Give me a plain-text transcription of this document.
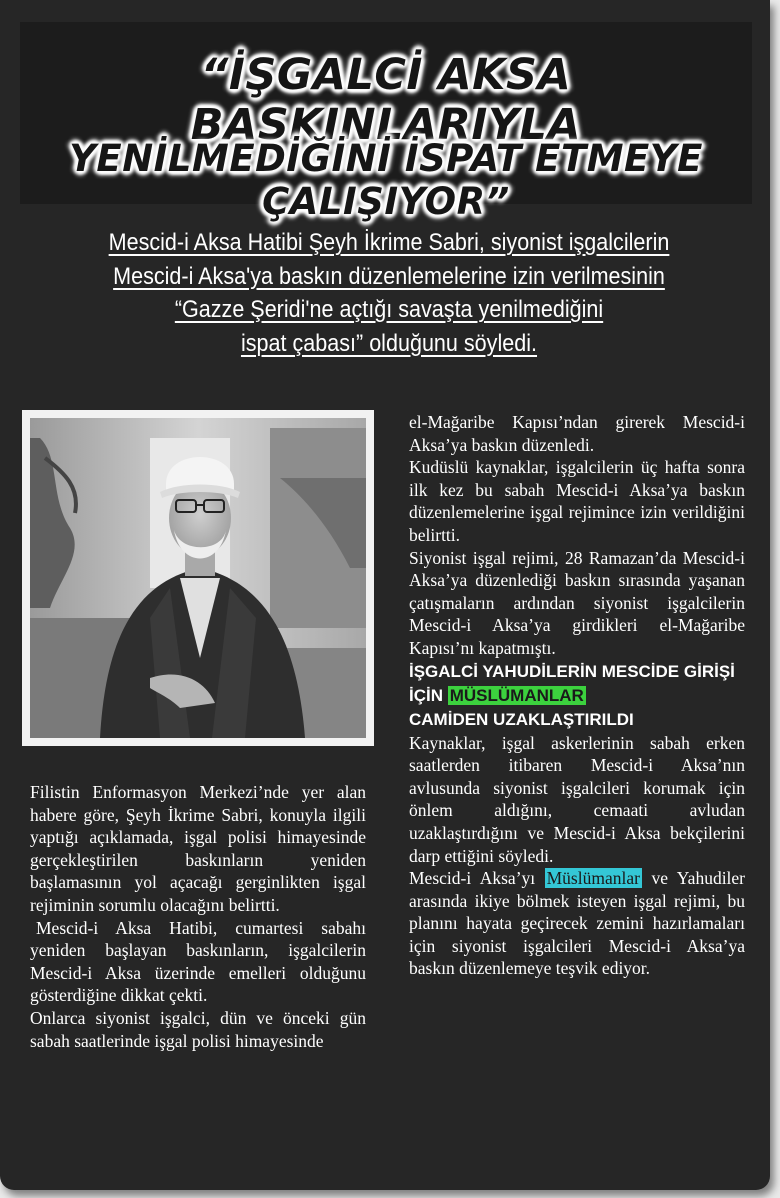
“İŞGALCİ AKSA BASKINLARIYLA
YENİLMEDİĞİNİ İSPAT ETMEYE ÇALIŞIYOR”
Mescid-i Aksa Hatibi Şeyh İkrime Sabri, siyonist işgalcilerin
Mescid-i Aksa'ya baskın düzenlemelerine izin verilmesinin
“Gazze Şeridi'ne açtığı savaşta yenilmediğini
ispat çabası” olduğunu söyledi.

Filistin Enformasyon Merkezi’nde yer alan habere göre, Şeyh İkrime Sabri, konuyla ilgili yaptığı açıklamada, işgal polisi himayesinde gerçekleştirilen baskınların yeniden başlamasının yol açacağı gerginlikten işgal rejiminin sorumlu olacağını belirtti.

Mescid-i Aksa Hatibi, cumartesi sabahı yeniden başlayan baskınların, işgalcilerin Mescid-i Aksa üzerinde emelleri olduğunu gösterdiğine dikkat çekti.

Onlarca siyonist işgalci, dün ve önceki gün sabah saatlerinde işgal polisi himayesinde

el-Mağaribe Kapısı’ndan girerek Mescid-i Aksa’ya baskın düzenledi.

Kudüslü kaynaklar, işgalcilerin üç hafta sonra ilk kez bu sabah Mescid-i Aksa’ya baskın düzenlemelerine işgal rejimince izin verildiğini belirtti.

Siyonist işgal rejimi, 28 Ramazan’da Mescid-i Aksa’ya düzenlediği baskın sırasında yaşanan çatışmaların ardından siyonist işgalcilerin Mescid-i Aksa’ya girdikleri el-Mağaribe Kapısı’nı kapatmıştı.

İŞGALCİ YAHUDİLERİN MESCİDE GİRİŞİ İÇİN MÜSLÜMANLAR
CAMİDEN UZAKLAŞTIRILDI

Kaynaklar, işgal askerlerinin sabah erken saatlerden itibaren Mescid-i Aksa’nın avlusunda siyonist işgalcileri korumak için önlem aldığını, cemaati avludan uzaklaştırdığını ve Mescid-i Aksa bekçilerini darp ettiğini söyledi.

Mescid-i Aksa’yı Müslümanlar ve Yahudiler arasında ikiye bölmek isteyen işgal rejimi, bu planını hayata geçirecek zemini hazırlamaları için siyonist işgalcileri Mescid-i Aksa’ya baskın düzenlemeye teşvik ediyor.
